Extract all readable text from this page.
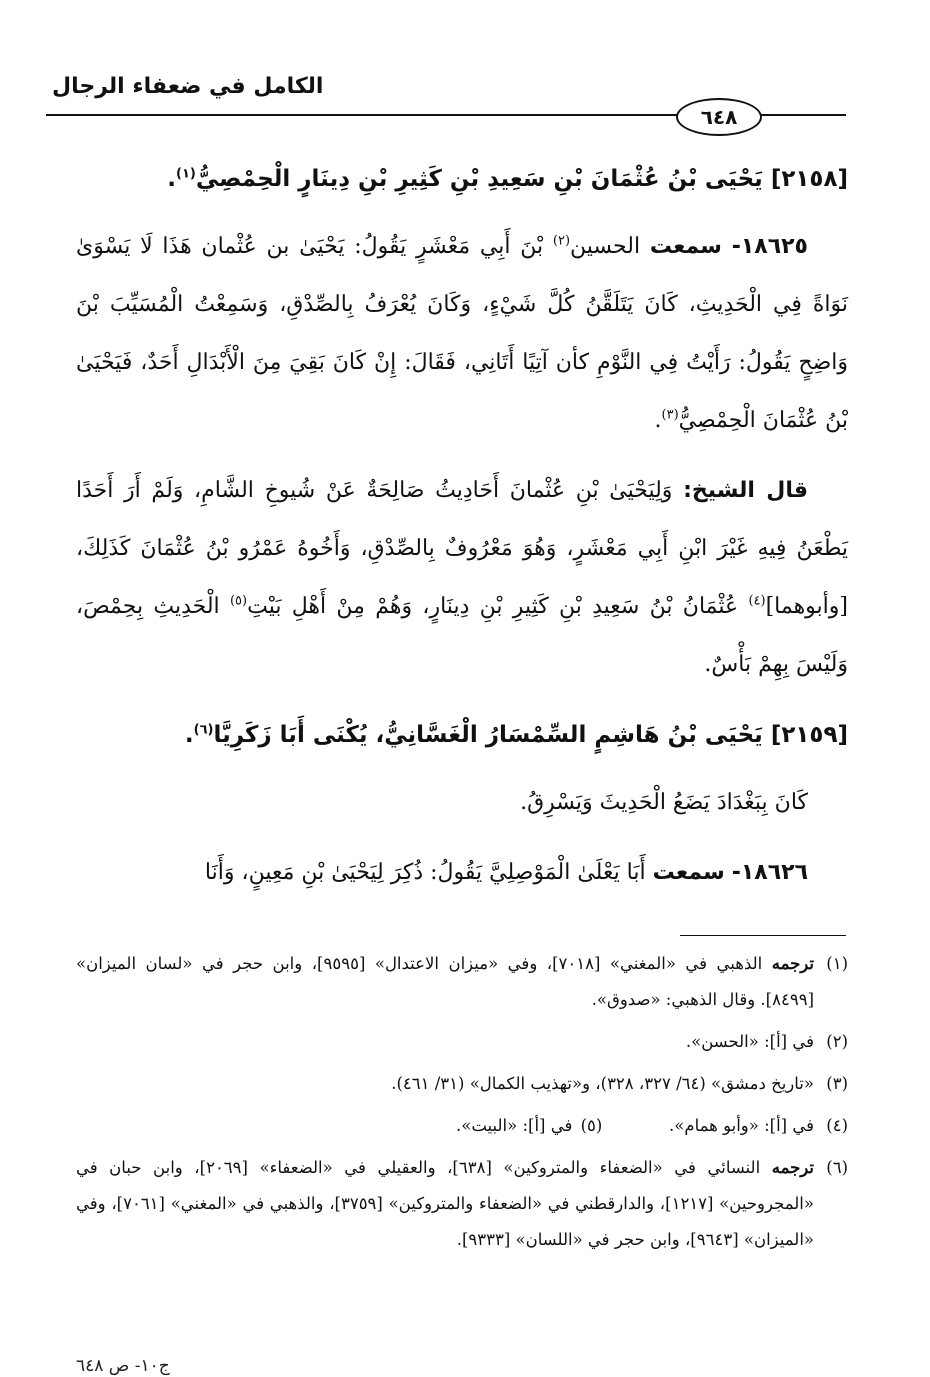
الكامل في ضعفاء الرجال
٦٤٨

[٢١٥٨] يَحْيَى بْنُ عُثْمَانَ بْنِ سَعِيدِ بْنِ كَثِيرِ بْنِ دِينَارٍ الْحِمْصِيُّ$^{(١)}$.

١٨٦٢٥- سمعت الحسين$^{(٢)}$ بْنَ أَبِي مَعْشَرٍ يَقُولُ: يَحْيَىٰ بن عُثْمان هَذَا لَا يَسْوَىٰ نَوَاةً فِي الْحَدِيثِ، كَانَ يَتَلَقَّنُ كُلَّ شَيْءٍ، وَكَانَ يُعْرَفُ بِالصِّدْقِ، وَسَمِعْتُ الْمُسَيِّبَ بْنَ وَاضِحٍ يَقُولُ: رَأَيْتُ فِي النَّوْمِ كأن آتِيًا أَتَانِي، فَقَالَ: إِنْ كَانَ بَقِيَ مِنَ الْأَبْدَالِ أَحَدٌ، فَيَحْيَىٰ بْنُ عُثْمَانَ الْحِمْصِيُّ$^{(٣)}$.

قال الشيخ: وَلِيَحْيَىٰ بْنِ عُثْمانَ أَحَادِيثُ صَالِحَةٌ عَنْ شُيوخِ الشَّامِ، وَلَمْ أَرَ أَحَدًا يَطْعَنُ فِيهِ غَيْرَ ابْنِ أَبِي مَعْشَرٍ، وَهُوَ مَعْرُوفٌ بِالصِّدْقِ، وَأَخُوهُ عَمْرُو بْنُ عُثْمَانَ كَذَلِكَ، [وأبوهما]$^{(٤)}$ عُثْمَانُ بْنُ سَعِيدِ بْنِ كَثِيرِ بْنِ دِينَارٍ، وَهُمْ مِنْ أَهْلِ بَيْتِ$^{(٥)}$ الْحَدِيثِ بِحِمْصَ، وَلَيْسَ بِهِمْ بَأْسٌ.

[٢١٥٩] يَحْيَى بْنُ هَاشِمٍ السِّمْسَارُ الْغَسَّانِيُّ، يُكْنَى أَبَا زَكَرِيَّا$^{(٦)}$.

كَانَ بِبَغْدَادَ يَضَعُ الْحَدِيثَ وَيَسْرِقُ.

١٨٦٢٦- سمعت أَبَا يَعْلَىٰ الْمَوْصِلِيَّ يَقُولُ: ذُكِرَ لِيَحْيَىٰ بْنِ مَعِينٍ، وَأَنَا

(١)
ترجمه الذهبي في «المغني» [٧٠١٨]، وفي «ميزان الاعتدال» [٩٥٩٥]، وابن حجر في «لسان الميزان» [٨٤٩٩]. وقال الذهبي: «صدوق».

(٢)
في [أ]: «الحسن».

(٣)
«تاريخ دمشق» (٦٤/ ٣٢٧، ٣٢٨)، و«تهذيب الكمال» (٣١/ ٤٦١).

(٤)
في [أ]: «وأبو همام».
(٥)
في [أ]: «البيت».

(٦)
ترجمه النسائي في «الضعفاء والمتروكين» [٦٣٨]، والعقيلي في «الضعفاء» [٢٠٦٩]، وابن حبان في «المجروحين» [١٢١٧]، والدارقطني في «الضعفاء والمتروكين» [٣٧٥٩]، والذهبي في «المغني» [٧٠٦١]، وفي «الميزان» [٩٦٤٣]، وابن حجر في «اللسان» [٩٣٣٣].

ج١٠- ص ٦٤٨
